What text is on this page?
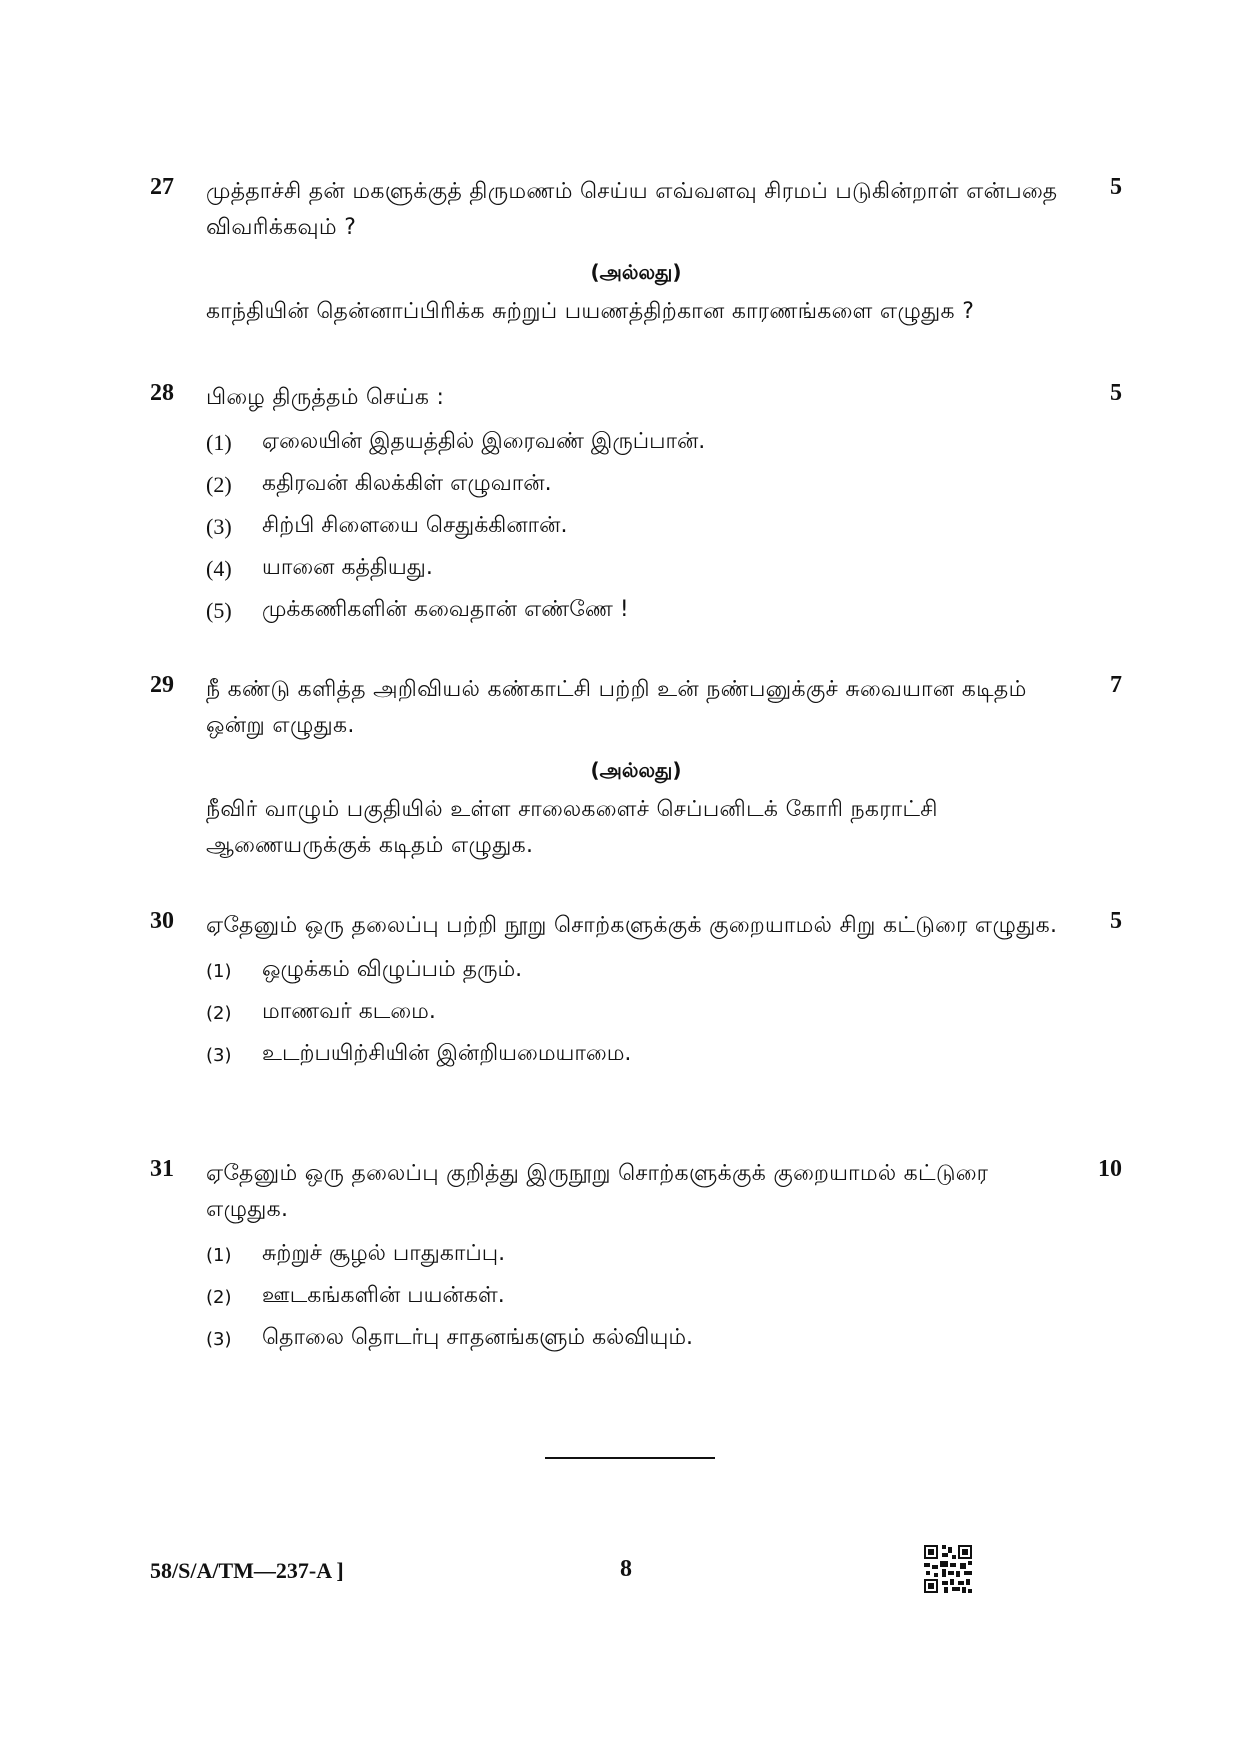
27 முத்தாச்சி தன் மகளுக்குத் திருமணம் செய்ய எவ்வளவு சிரமப் படுகின்றாள் என்பதை விவரிக்கவும் ?
5
(அல்லது)
காந்தியின் தென்னாப்பிரிக்க சுற்றுப் பயணத்திற்கான காரணங்களை எழுதுக ?
28 பிழை திருத்தம் செய்க :	5
(1)	ஏலையின் இதயத்தில் இரைவண் இருப்பான்.
(2)	கதிரவன் கிலக்கிள் எழுவான்.
(3)	சிற்பி சிளையை செதுக்கினான்.
(4)	யானை கத்தியது.
(5)	முக்கணிகளின் கவைதான் எண்ணே !
29 நீ கண்டு களித்த அறிவியல் கண்காட்சி பற்றி உன் நண்பனுக்குச் சுவையான கடிதம் ஒன்று எழுதுக.
7
(அல்லது)
நீவிர் வாழும் பகுதியில் உள்ள சாலைகளைச் செப்பனிடக் கோரி நகராட்சி ஆணையருக்குக் கடிதம் எழுதுக.
30 ஏதேனும் ஒரு தலைப்பு பற்றி நூறு சொற்களுக்குக் குறையாமல் சிறு கட்டுரை எழுதுக. 5
(1)	ஒழுக்கம் விழுப்பம் தரும்.
(2)	மாணவர் கடமை.
(3)	உடற்பயிற்சியின் இன்றியமையாமை.
31 ஏதேனும் ஒரு தலைப்பு குறித்து இருநூறு சொற்களுக்குக் குறையாமல் கட்டுரை எழுதுக.
10
(1)	சுற்றுச் சூழல் பாதுகாப்பு.
(2)	ஊடகங்களின் பயன்கள்.
(3)	தொலை தொடர்பு சாதனங்களும் கல்வியும்.
58/S/A/TM—237-A ]	8
